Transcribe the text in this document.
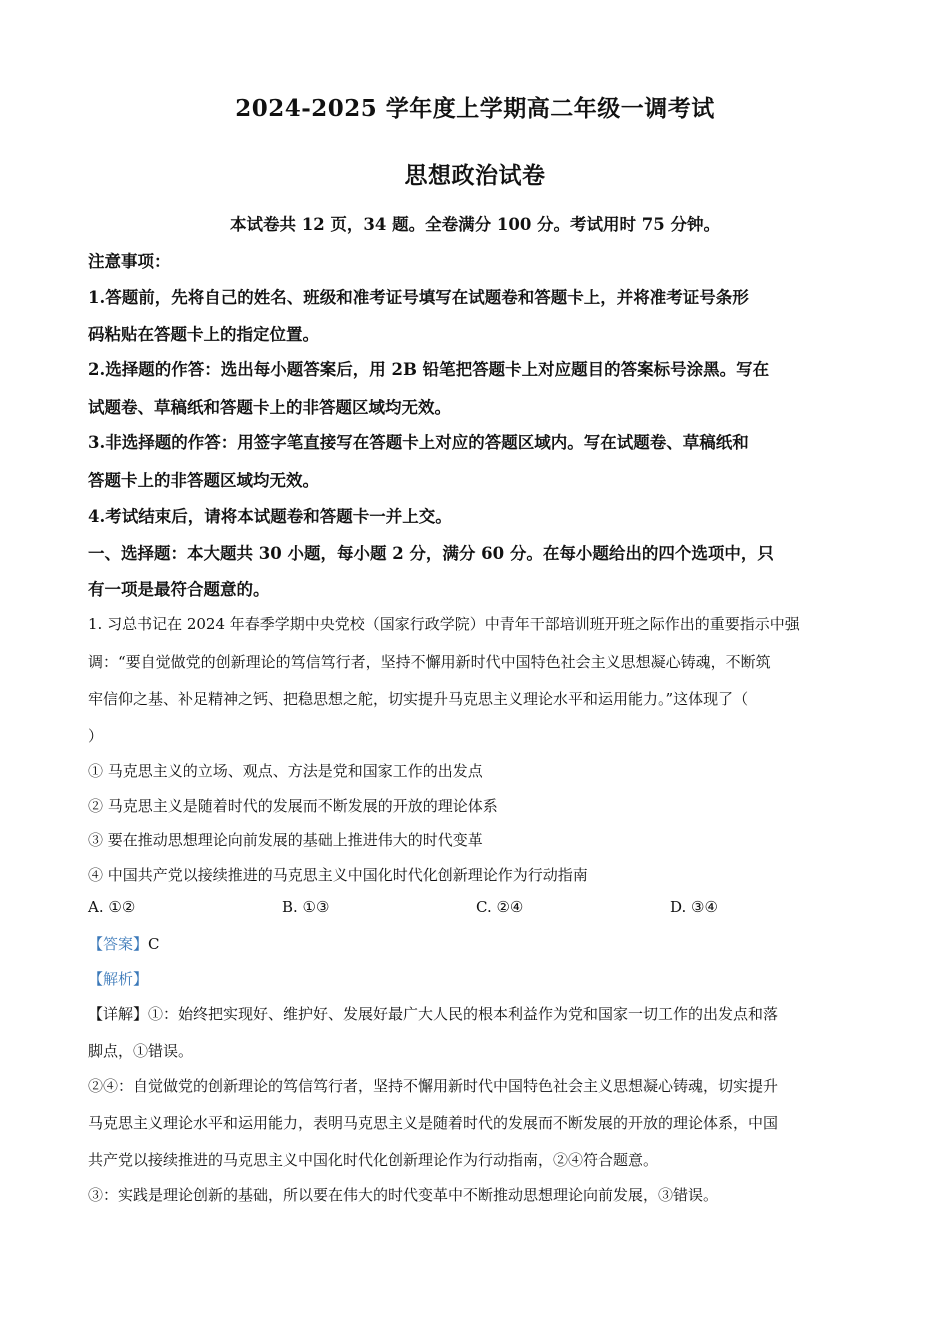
2024-2025 学年度上学期高二年级一调考试
思想政治试卷
本试卷共 12 页，34 题。全卷满分 100 分。考试用时 75 分钟。
注意事项：
1.答题前，先将自己的姓名、班级和准考证号填写在试题卷和答题卡上，并将准考证号条形
码粘贴在答题卡上的指定位置。
2.选择题的作答：选出每小题答案后，用 2B 铅笔把答题卡上对应题目的答案标号涂黑。写在
试题卷、草稿纸和答题卡上的非答题区域均无效。
3.非选择题的作答：用签字笔直接写在答题卡上对应的答题区域内。写在试题卷、草稿纸和
答题卡上的非答题区域均无效。
4.考试结束后，请将本试题卷和答题卡一并上交。
一、选择题：本大题共 30 小题，每小题 2 分，满分 60 分。在每小题给出的四个选项中，只
有一项是最符合题意的。
1. 习总书记在 2024 年春季学期中央党校（国家行政学院）中青年干部培训班开班之际作出的重要指示中强
调：“要自觉做党的创新理论的笃信笃行者，坚持不懈用新时代中国特色社会主义思想凝心铸魂，不断筑
牢信仰之基、补足精神之钙、把稳思想之舵，切实提升马克思主义理论水平和运用能力。”这体现了（
）
① 马克思主义的立场、观点、方法是党和国家工作的出发点
② 马克思主义是随着时代的发展而不断发展的开放的理论体系
③ 要在推动思想理论向前发展的基础上推进伟大的时代变革
④ 中国共产党以接续推进的马克思主义中国化时代化创新理论作为行动指南
A. ①②	B. ①③	C. ②④	D. ③④
【答案】C
【解析】
【详解】①：始终把实现好、维护好、发展好最广大人民的根本利益作为党和国家一切工作的出发点和落
脚点，①错误。
②④：自觉做党的创新理论的笃信笃行者，坚持不懈用新时代中国特色社会主义思想凝心铸魂，切实提升
马克思主义理论水平和运用能力，表明马克思主义是随着时代的发展而不断发展的开放的理论体系，中国
共产党以接续推进的马克思主义中国化时代化创新理论作为行动指南，②④符合题意。
③：实践是理论创新的基础，所以要在伟大的时代变革中不断推动思想理论向前发展，③错误。
